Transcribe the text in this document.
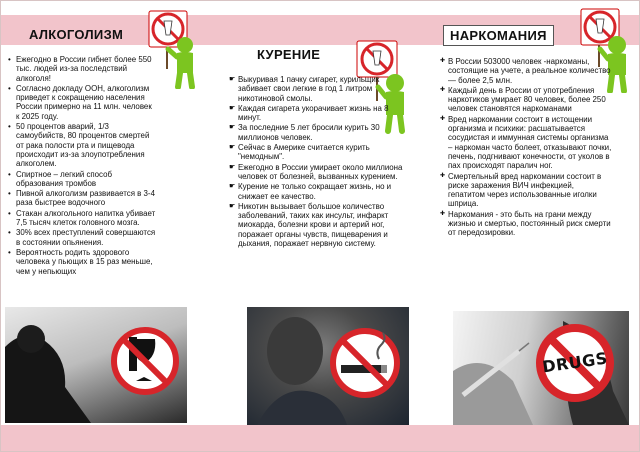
АЛКОГОЛИЗМ
• Ежегодно в России гибнет более 550 тыс. людей из-за последствий алкоголя!
• Согласно докладу ООН, алкоголизм приведет к сокращению населения России примерно на 11 млн. человек к 2025 году.
• 50 процентов аварий, 1/3 самоубийств, 80 процентов смертей от рака полости рта и пищевода происходит из-за злоупотребления алкоголем.
• Спиртное – легкий способ образования тромбов
• Пивной алкоголизм развивается в 3-4 раза быстрее водочного
• Стакан алкогольного напитка убивает 7,5 тысяч клеток головного мозга.
• 30% всех преступлений совершаются в состоянии опьянения.
• Вероятность родить здорового человека у пьющих в 15 раз меньше, чем у непьющих
КУРЕНИЕ
☛ Выкуривая 1 пачку сигарет, курильщик забивает свои легкие в год 1 литром никотиновой смолы.
☛ Каждая сигарета укорачивает жизнь на 8 минут.
☛ За последние 5 лет бросили курить 30 миллионов человек.
☛ Сейчас в Америке считается курить "немодным".
☛ Ежегодно в России умирает около миллиона человек от болезней, вызванных курением.
☛ Курение не только сокращает жизнь, но и снижает ее качество.
☛ Никотин вызывает большое количество заболеваний, таких как инсульт, инфаркт миокарда, болезни крови и артерий ног, поражает органы чувств, пищеварения и дыхания, поражает нервную систему.
НАРКОМАНИЯ
✚ В России 503000 человек -наркоманы, состоящие на учете, а реальное количество — более 2,5 млн.
✚ Каждый день в России от употребления наркотиков умирает 80 человек, более 250 человек становятся наркоманами
✚ Вред наркомании состоит в истощении организма и психики: расшатывается сосудистая и иммунная системы организма – наркоман часто болеет, отказывают почки, печень, подгнивают конечности, от уколов в пах происходят паралич ног.
✚ Смертельный вред наркомании состоит в риске заражения ВИЧ инфекцией, гепатитом через использованные иголки шприца.
✚ Наркомания - это быть на грани между жизнью и смертью, постоянный риск смерти от передозировки.
DRUGS
